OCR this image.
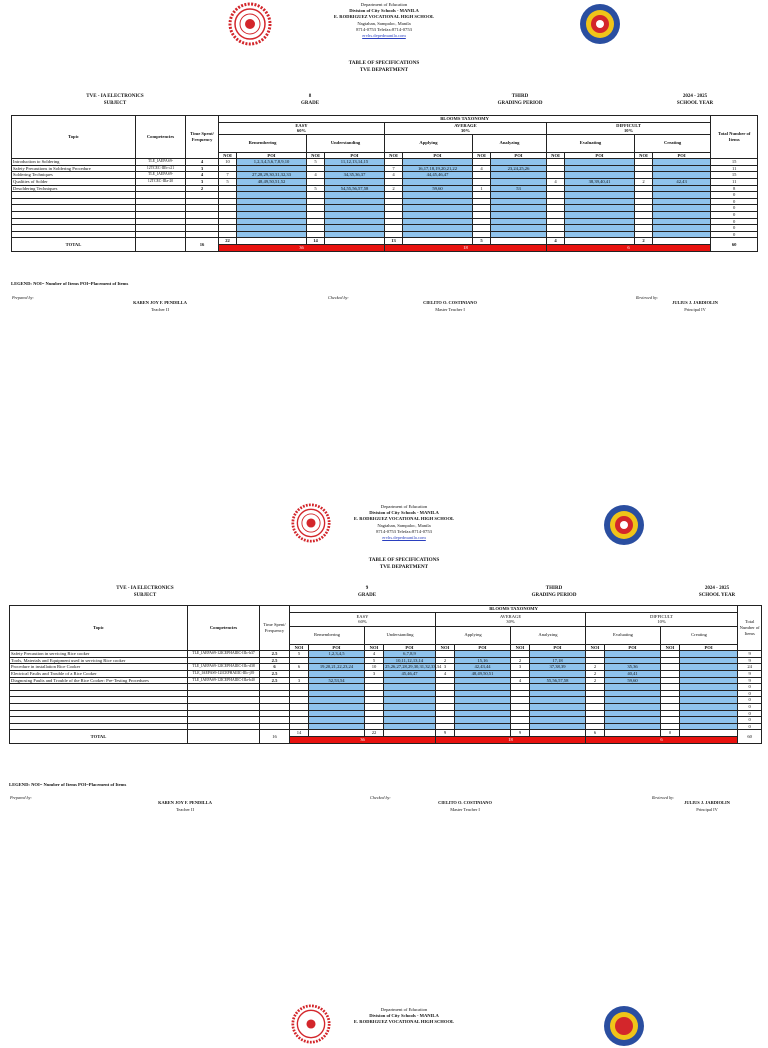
Department of Education
Division of City Schools - MANILA
E. RODRIGUEZ VOCATIONAL HIGH SCHOOL
Nagtahan, Sampaloc, Manila
8714-0753 Telefax:8714-0753
ervhs.depedmanila.com
TABLE OF SPECIFICATIONS
TVE DEPARTMENT
TVE - IA ELECTRONICS
SUBJECT
8
GRADE
THIRD
GRADING PERIOD
2024 - 2025
SCHOOL YEAR
Topic	Competencies	Time Spent/ Frequency	BLOOMS TAXONOMY												Total Number of Items
			EASY
60%				AVERAGE
30%				DIFFICULT
10%				
			Remembering		Understanding		Applying		Analyzing		Evaluating		Creating		
			NOI	POI	NOI	POI	NOI	POI	NOI	POI	NOI	POI	NOI	POI	
Introduction to Soldering	TLE_IAEPAS9-	4	10	1,2,3,4,5,6,7,8,9,10	5	11,12,13,14,15									15
Safety Precautions in Soldering Procedure	12TCEC-IIIb-c21	3					7	16,17,18,19,20,21,22	4	23,24,25,26					11
Soldering Techniques	TLE_IAEPAS9-	4	7	27,28,29,30,31,32,33	4	34,35,36,37	4	44,45,46,47							15
Qualities of Solder	12TCEC-IIIa-20	3	5	48,49,50,51,52							4	38,39,40,41	2	42,43	11
Desoldering Techniques		2			5	54,55,56,57,58	2	59,60	1	53					8
															0
															0
															0
															0
															0
															0
															0
TOTAL		16	22		14		13		5		4		2		60
			36				18				6				
LEGEND: NOI= Number of Items POI=Placement of Items
Prepared by:
KAREN JOY F. PENDILLA
Teacher II
Checked by:
CIELITO O. COSTINIANO
Master Teacher I
Reviewed by:
JULIUS J. JARDIOLIN
Principal IV
Department of Education
Division of City Schools - MANILA
E. RODRIGUEZ VOCATIONAL HIGH SCHOOL
Nagtahan, Sampaloc, Manila
8714-0753 Telefax:8714-0753
ervhs.depedmanila.com
TABLE OF SPECIFICATIONS
TVE DEPARTMENT
TVE - IA ELECTRONICS
SUBJECT
9
GRADE
THIRD
GRADING PERIOD
2024 - 2025
SCHOOL YEAR
Topic	Competencies	Time Spent/ Frequency	BLOOMS TAXONOMY												Total Number of Items
			EASY
60%				AVERAGE
30%				DIFFICULT
10%				
			Remembering		Understanding		Applying		Analyzing		Evaluating		Creating		
			NOI	POI	NOI	POI	NOI	POI	NOI	POI	NOI	POI	NOI	POI	
Safety Precaution in servicing Rice cooker	TLE_IAEPAS9-12ICEPHAIIIC-IIIc-h37	2.5	5	1,2,3,4,5	4	6,7,8,9									9
Tools, Materials and Equipment used in servicing Rice cooker		2.5			5	10,11,12,13,14	2	15,16	2	17,18					9
Procedure in installation Rice Cooker	TLE_IAEPAS9-12ICEPHAIIIC-IIIc-d38	6	6	19,20,21,22,23,24	10	25,26,27,28,29,30,31,32,33,34	3	42,43,44	3	37,38,39	2	35,36			24
Electrical Faults and Trouble of a Rice Cooker	TLE_IAEPAS9-12ICEPHAIIIC-IIIc-j39	2.5			3	45,46,47	4	48,49,50,51			2	40,41			9
Diagnosing Faults and Trouble of the Rice Cooker: Pre-Testing Procedures	TLE_IAEPAS9-12ICEPHAIIIC-IIIa-b40	2.5	3	52,53,54					4	55,56,57,58	2	59,60			9
															0
															0
															0
															0
															0
															0
															0
TOTAL		16	14		22		9		9		6		0		60
			36				18				6				
LEGEND: NOI= Number of Items POI=Placement of Items
Prepared by:
KAREN JOY F. PENDILLA
Teacher II
Checked by:
CIELITO O. COSTINIANO
Master Teacher I
Reviewed by:
JULIUS J. JARDIOLIN
Principal IV
Department of Education
Division of City Schools - MANILA
E. RODRIGUEZ VOCATIONAL HIGH SCHOOL
